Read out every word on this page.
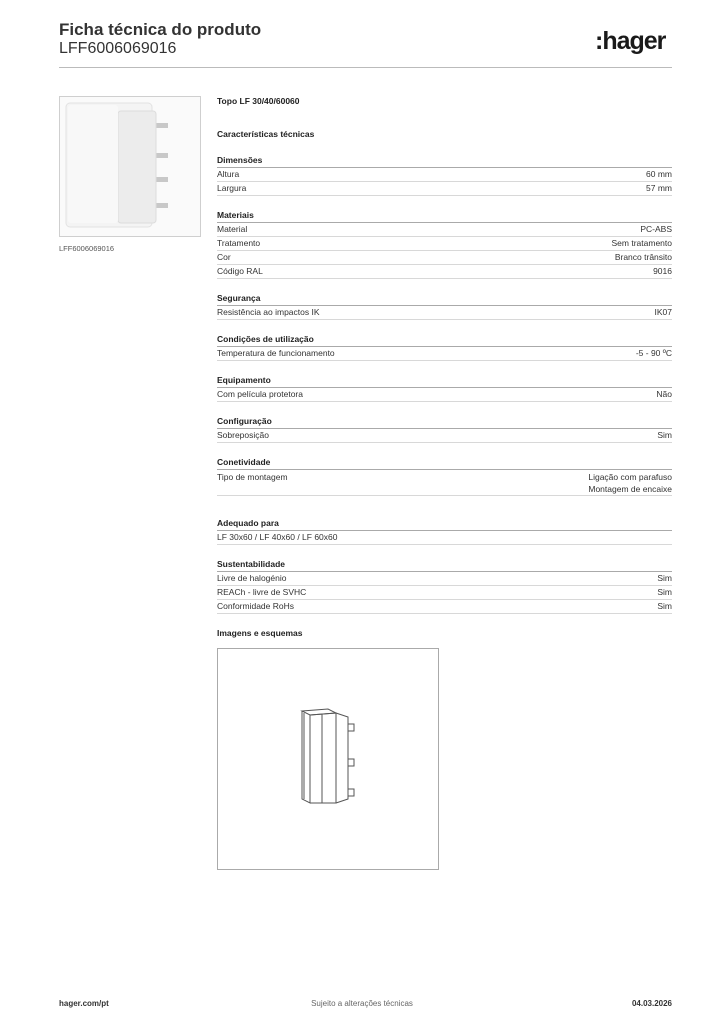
Ficha técnica do produto
LFF6006069016	:hager
LFF6006069016
Topo LF 30/40/60060
Características técnicas
Dimensões
Altura	60 mm
Largura	57 mm
Materiais
Material	PC-ABS
Tratamento	Sem tratamento
Cor	Branco trânsito
Código RAL	9016
Segurança
Resistência ao impactos IK	IK07
Condições de utilização
Temperatura de funcionamento	-5 - 90 ºC
Equipamento
Com película protetora	Não
Configuração
Sobreposição	Sim
Conetividade
Tipo de montagem	Ligação com parafuso
Montagem de encaixe
Adequado para
LF 30x60 / LF 40x60 / LF 60x60
Sustentabilidade
Livre de halogénio	Sim
REACh - livre de SVHC	Sim
Conformidade RoHs	Sim
Imagens e esquemas
hager.com/pt	Sujeito a alterações técnicas	04.03.2026
